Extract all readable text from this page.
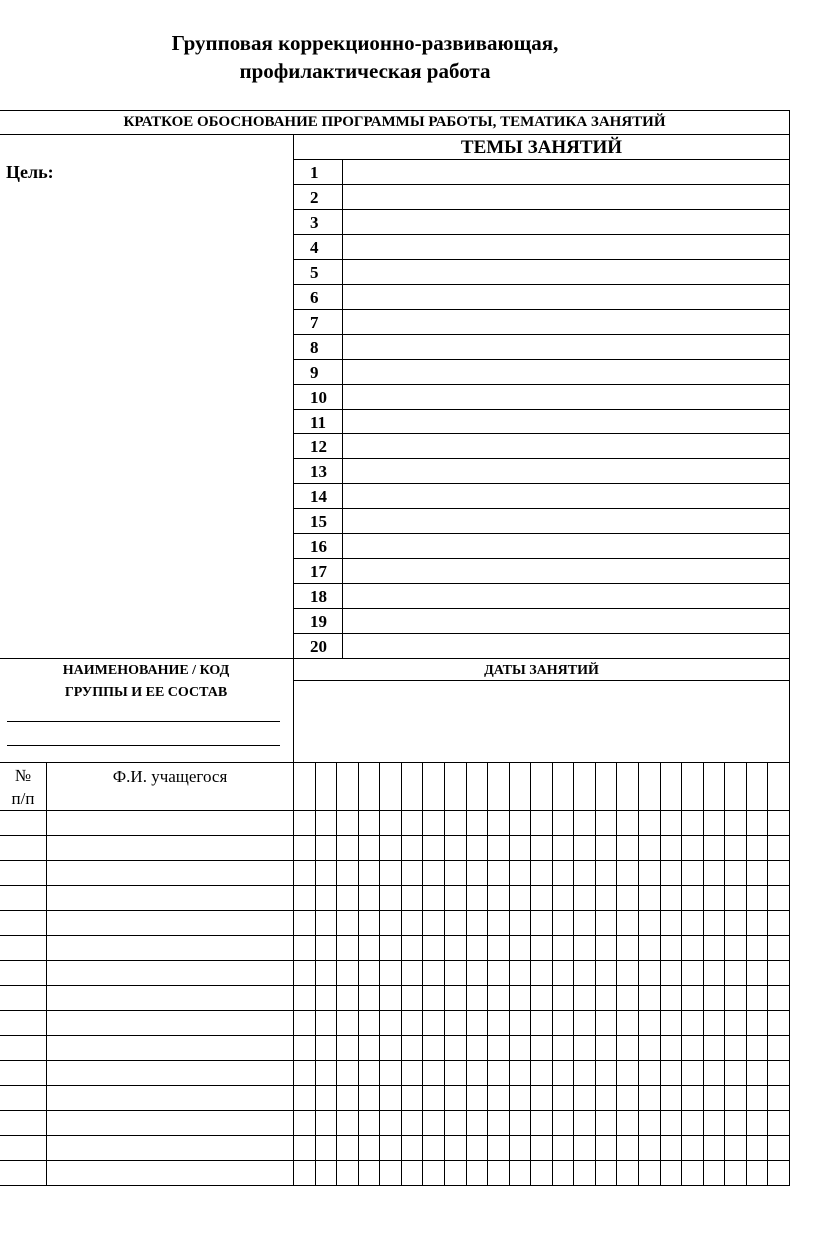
Групповая коррекционно-развивающая,
профилактическая работа
КРАТКОЕ ОБОСНОВАНИЕ ПРОГРАММЫ РАБОТЫ, ТЕМАТИКА ЗАНЯТИЙ
Цель:
ТЕМЫ ЗАНЯТИЙ
1
2
3
4
5
6
7
8
9
10
11
12
13
14
15
16
17
18
19
20
НАИМЕНОВАНИЕ / КОД
ГРУППЫ И ЕЕ СОСТАВ
ДАТЫ ЗАНЯТИЙ
№
п/п
Ф.И. учащегося
